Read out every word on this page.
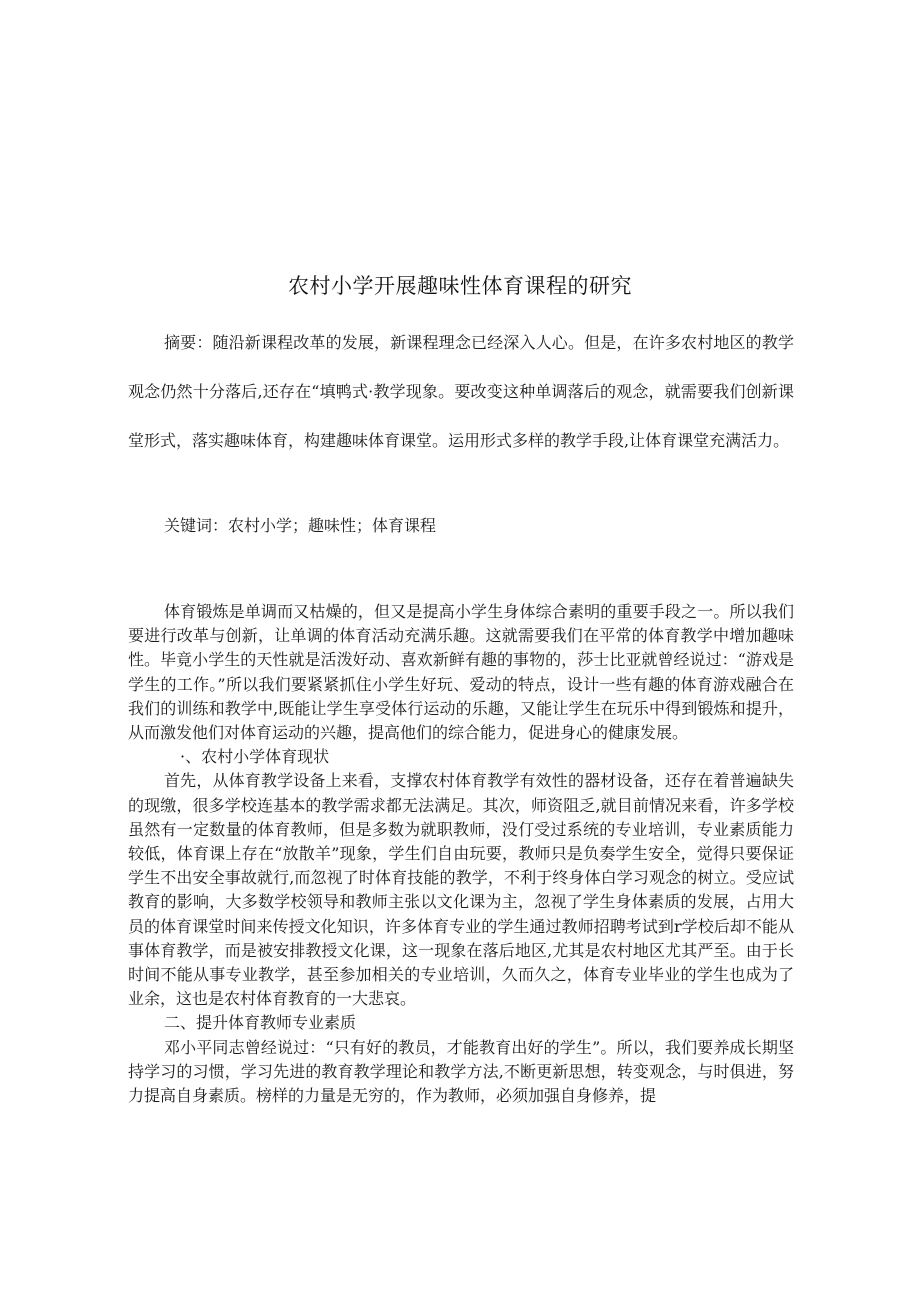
农村小学开展趣味性体育课程的研究

摘要：随沿新课程改革的发展，新课程理念已经深入人心。但是，在许多农村地区的教学观念仍然十分落后,还存在“填鸭式·教学现象。要改变这种单调落后的观念，就需要我们创新课堂形式，落实趣味体育，构建趣味体育课堂。运用形式多样的教学手段,让体育课堂充满活力。

关键词：农村小学；趣味性；体育课程

体育锻炼是单调而又枯燥的，但又是提高小学生身体综合素明的重要手段之一。所以我们要进行改革与创新，让单调的体育活动充满乐趣。这就需要我们在平常的体育教学中增加趣味性。毕竟小学生的天性就是活泼好动、喜欢新鲜有趣的事物的，莎士比亚就曾经说过：“游戏是学生的工作。”所以我们要紧紧抓住小学生好玩、爱动的特点，设计一些有趣的体育游戏融合在我们的训练和教学中,既能让学生享受体行运动的乐趣，又能让学生在玩乐中得到锻炼和提升，从而激发他们对体育运动的兴趣，提高他们的综合能力，促进身心的健康发展。

·、农村小学体育现状

首先，从体育教学设备上来看，支撑农村体育教学有效性的器材设备，还存在着普遍缺失的现缴，很多学校连基本的教学需求都无法满足。其次，师资阻乏,就目前情况来看，许多学校虽然有一定数量的体育教师，但是多数为就职教师，没仃受过系统的专业培训，专业素质能力较低，体育课上存在“放散羊”现象，学生们自由玩要，教师只是负奏学生安全，觉得只要保证学生不出安全事故就行,而忽视了时体育技能的教学，不利于终身体白学习观念的树立。受应试教育的影响，大多数学校领导和教师主张以文化课为主，忽视了学生身体素质的发展，占用大员的体育课堂时间来传授文化知识，许多体育专业的学生通过教师招聘考试到r学校后却不能从事体育教学，而是被安排教授文化课，这一现象在落后地区,尤其是农村地区尤其严至。由于长时间不能从事专业教学，甚至参加相关的专业培训，久而久之，体育专业毕业的学生也成为了业余，这也是农村体育教育的一大悲哀。

二、提升体育教师专业素质

邓小平同志曾经说过：“只有好的教员，才能教育出好的学生”。所以，我们要养成长期坚持学习的习惯，学习先进的教育教学理论和教学方法,不断更新思想，转变观念，与时俱进，努力提高自身素质。榜样的力量是无穷的，作为教师，必须加强自身修养，提
